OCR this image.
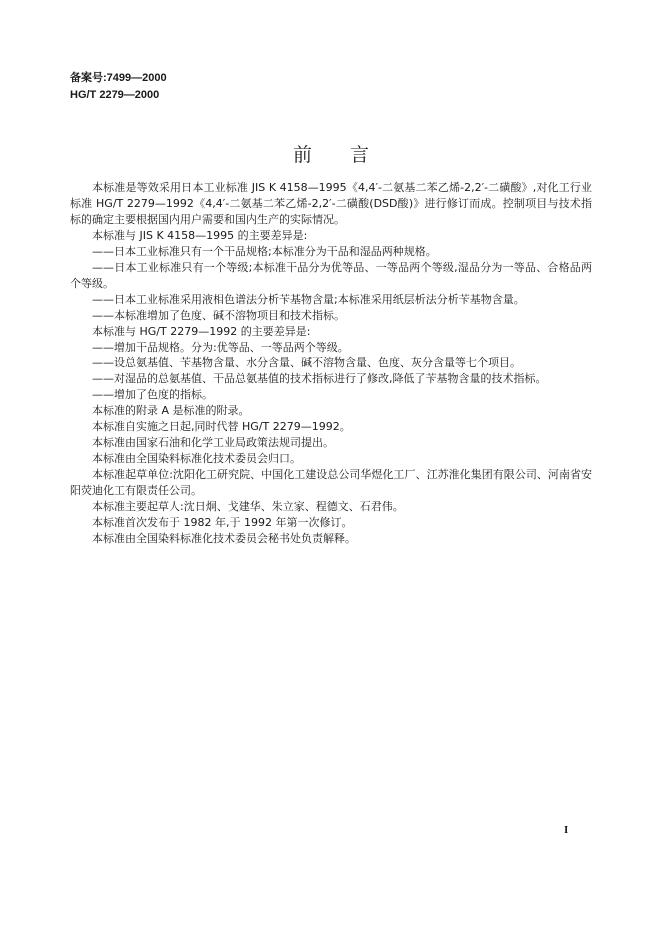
备案号:7499—2000
HG/T 2279—2000
前言

本标准是等效采用日本工业标准 JIS K 4158—1995《4,4′-二氨基二苯乙烯-2,2′-二磺酸》,对化工行业标准 HG/T 2279—1992《4,4′-二氨基二苯乙烯-2,2′-二磺酸(DSD酸)》进行修订而成。控制项目与技术指标的确定主要根据国内用户需要和国内生产的实际情况。

本标准与 JIS K 4158—1995 的主要差异是:

——日本工业标准只有一个干品规格;本标准分为干品和湿品两种规格。

——日本工业标准只有一个等级;本标准干品分为优等品、一等品两个等级,湿品分为一等品、合格品两个等级。

——日本工业标准采用液相色谱法分析苄基物含量;本标准采用纸层析法分析苄基物含量。

——本标准增加了色度、碱不溶物项目和技术指标。

本标准与 HG/T 2279—1992 的主要差异是:

——增加干品规格。分为:优等品、一等品两个等级。

——设总氨基值、苄基物含量、水分含量、碱不溶物含量、色度、灰分含量等七个项目。

——对湿品的总氨基值、干品总氨基值的技术指标进行了修改,降低了苄基物含量的技术指标。

——增加了色度的指标。

本标准的附录 A 是标准的附录。

本标准自实施之日起,同时代替 HG/T 2279—1992。

本标准由国家石油和化学工业局政策法规司提出。

本标准由全国染料标准化技术委员会归口。

本标准起草单位:沈阳化工研究院、中国化工建设总公司华煜化工厂、江苏淮化集团有限公司、河南省安阳荧迪化工有限责任公司。

本标准主要起草人:沈日炯、戈建华、朱立家、程德文、石君伟。

本标准首次发布于 1982 年,于 1992 年第一次修订。

本标准由全国染料标准化技术委员会秘书处负责解释。

I
